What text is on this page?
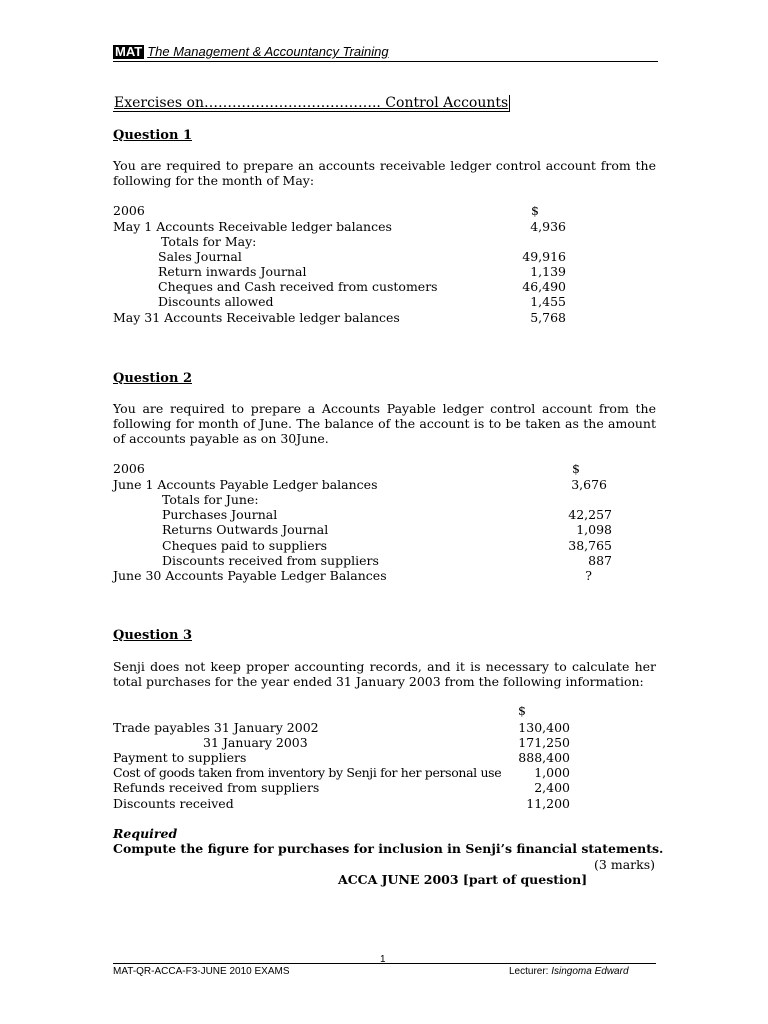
MAT The Management & Accountancy Training
Exercises on……………………………….. Control Accounts
Question 1
You are required to prepare an accounts receivable ledger control account from the following for the month of May:
2006	$
May 1 Accounts Receivable ledger balances	4,936
Totals for May:
Sales Journal	49,916
Return inwards Journal	1,139
Cheques and Cash received from customers	46,490
Discounts allowed	1,455
May 31 Accounts Receivable ledger balances	5,768
Question 2
You are required to prepare a Accounts Payable ledger control account from the following for month of June. The balance of the account is to be taken as the amount of accounts payable as on 30June.
2006	$
June 1 Accounts Payable Ledger balances	3,676
Totals for June:
Purchases Journal	42,257
Returns Outwards Journal	1,098
Cheques paid to suppliers	38,765
Discounts received from suppliers	887
June 30 Accounts Payable Ledger Balances	?
Question 3
Senji does not keep proper accounting records, and it is necessary to calculate her total purchases for the year ended 31 January 2003 from the following information:
$
Trade payables 31 January 2002	130,400
31 January 2003	171,250
Payment to suppliers	888,400
Cost of goods taken from inventory by Senji for her personal use	1,000
Refunds received from suppliers	2,400
Discounts received	11,200
Required
Compute the figure for purchases for inclusion in Senji’s financial statements.
(3 marks)
ACCA JUNE 2003 [part of question]
1
MAT-QR-ACCA-F3-JUNE 2010 EXAMS	Lecturer: Isingoma Edward
